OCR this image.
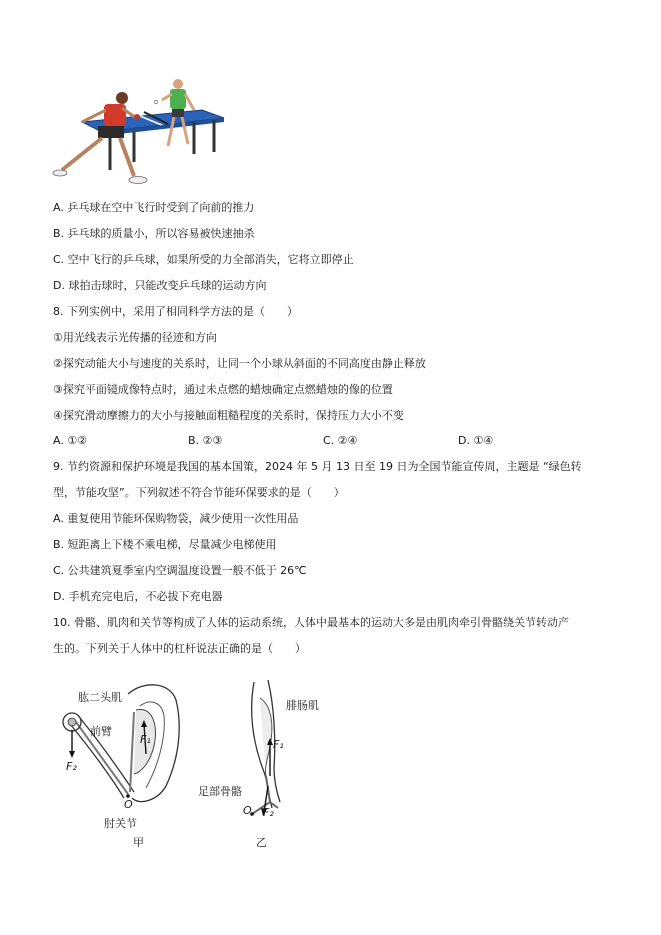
A. 乒乓球在空中飞行时受到了向前的推力
B. 乒乓球的质量小，所以容易被快速抽杀
C. 空中飞行的乒乓球，如果所受的力全部消失，它将立即停止
D. 球拍击球时，只能改变乒乓球的运动方向
8. 下列实例中，采用了相同科学方法的是（　　）
①用光线表示光传播的径迹和方向
②探究动能大小与速度的关系时，让同一个小球从斜面的不同高度由静止释放
③探究平面镜成像特点时，通过未点燃的蜡烛确定点燃蜡烛的像的位置
④探究滑动摩擦力的大小与接触面粗糙程度的关系时，保持压力大小不变
A. ①②	B. ②③	C. ②④	D. ①④
9. 节约资源和保护环境是我国的基本国策，2024 年 5 月 13 日至 19 日为全国节能宣传周，主题是 “绿色转
型，节能攻坚”。下列叙述不符合节能环保要求的是（　　）
A. 重复使用节能环保购物袋，减少使用一次性用品
B. 短距离上下楼不乘电梯，尽量减少电梯使用
C. 公共建筑夏季室内空调温度设置一般不低于 26℃
D. 手机充完电后，不必拔下充电器
10. 骨骼、肌肉和关节等构成了人体的运动系统，人体中最基本的运动大多是由肌肉牵引骨骼绕关节转动产
生的。下列关于人体中的杠杆说法正确的是（　　）
肱二头肌
前臂
F₁
F₂
O
肘关节
甲
腓肠肌
F₁
足部骨骼
O F₂
乙
